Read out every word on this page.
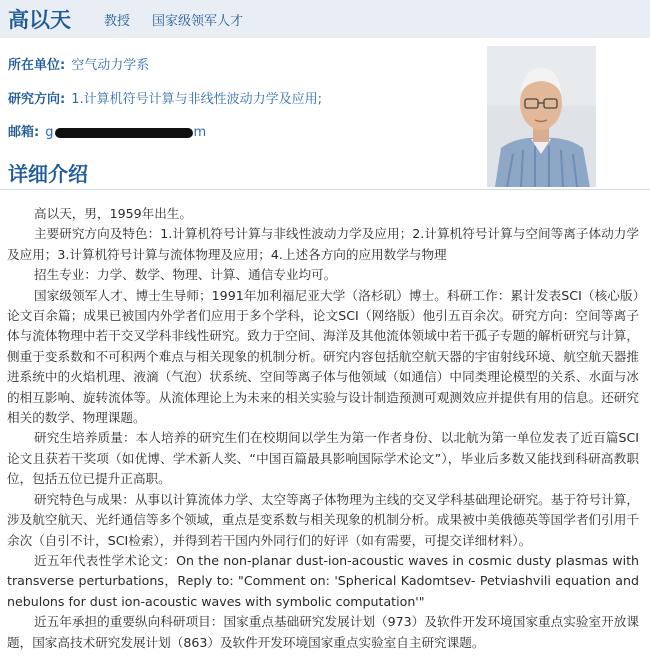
高以天	教授 国家级领军人才
所在单位: 空气动力学系
研究方向: 1.计算机符号计算与非线性波动力学及应用;
邮箱: g	m
详细介绍

高以天，男，1959年出生。

主要研究方向及特色：1.计算机符号计算与非线性波动力学及应用；2.计算机符号计算与空间等离子体动力学及应用；3.计算机符号计算与流体物理及应用；4.上述各方向的应用数学与物理

招生专业：力学、数学、物理、计算、通信专业均可。

国家级领军人才、博士生导师；1991年加利福尼亚大学（洛杉矶）博士。科研工作：累计发表SCI（核心版）论文百余篇；成果已被国内外学者们应用于多个学科，论文SCI（网络版）他引五百余次。研究方向：空间等离子体与流体物理中若干交叉学科非线性研究。致力于空间、海洋及其他流体领域中若干孤子专题的解析研究与计算，侧重于变系数和不可积两个难点与相关现象的机制分析。研究内容包括航空航天器的宇宙射线环境、航空航天器推进系统中的火焰机理、液滴（气泡）状系统、空间等离子体与他领域（如通信）中同类理论模型的关系、水面与冰的相互影响、旋转流体等。从流体理论上为未来的相关实验与设计制造预测可观测效应并提供有用的信息。还研究相关的数学、物理课题。

研究生培养质量：本人培养的研究生们在校期间以学生为第一作者身份、以北航为第一单位发表了近百篇SCI论文且获若干奖项（如优博、学术新人奖、“中国百篇最具影响国际学术论文”），毕业后多数又能找到科研高教职位，包括五位已提升正高职。

研究特色与成果：从事以计算流体力学、太空等离子体物理为主线的交叉学科基础理论研究。基于符号计算，涉及航空航天、光纤通信等多个领域，重点是变系数与相关现象的机制分析。成果被中美俄德英等国学者们引用千余次（自引不计，SCI检索），并得到若干国内外同行们的好评（如有需要，可提交详细材料）。

近五年代表性学术论文：On the non-planar dust-ion-acoustic waves in cosmic dusty plasmas with transverse perturbations，Reply to: "Comment on: 'Spherical Kadomtsev- Petviashvili equation and nebulons for dust ion-acoustic waves with symbolic computation'"

近五年承担的重要纵向科研项目：国家重点基础研究发展计划（973）及软件开发环境国家重点实验室开放课题，国家高技术研究发展计划（863）及软件开发环境国家重点实验室自主研究课题。
